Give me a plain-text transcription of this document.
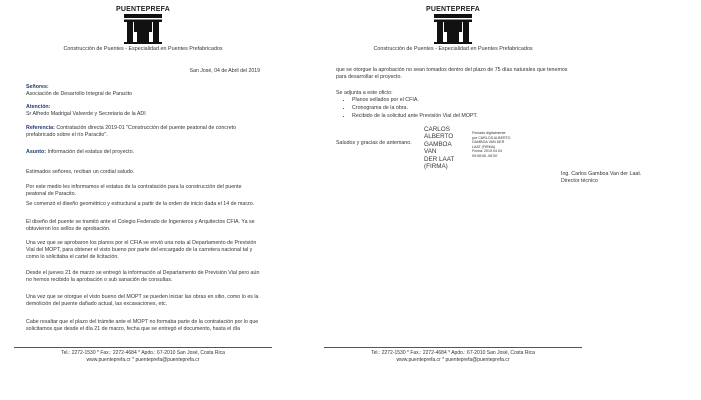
PUENTEPREFA
Construcción de Puentes - Especialidad en Puentes Prefabricados
San José, 04 de Abril del 2019

Señores:

Asociación de Desarrollo Integral de Paracito

Atención:

Sr Alfredo Madrigal Valverde y Secretaria de la ADI

Referencia: Contratación directa 2019-01 "Construcción del puente peatonal de concreto prefabricado sobre el río Paracito".

Asunto: Información del estatus del proyecto.

Estimados señores, reciban un cordial saludo.
Por este medio les informamos el estatus de la contratación para la construcción del puente peatonal de Paracito.
Se comenzó el diseño geométrico y estructural a partir de la orden de inicio dada el 14 de marzo.
El diseño del puente se tramitó ante el Colegio Federado de Ingenieros y Arquitectos CFIA. Ya se obtuvieron los sellos de aprobación.
Una vez que se aprobaron los planos por el CFIA se envió una nota al Departamento de Previsión Vial del MOPT, para obtener el visto bueno por parte del encargado de la carretera nacional tal y como lo solicitaba el cartel de licitación.
Desde el jueves 21 de marzo se entregó la información al Departamento de Previsión Vial pero aún no hemos recibido la aprobación o sub sanación de consultas.
Una vez que se otorgue el visto bueno del MOPT se pueden iniciar las obras en sitio, como lo es la demolición del puente dañado actual, las excavaciones, etc.
Cabe resaltar que el plazo del trámite ante el MOPT no formaba parte de la contratación por lo que solicitamos que desde el día 21 de marzo, fecha que se entregó el documento, hasta el día
Tel.: 2272-1530 * Fax.: 2272-4684 * Apdo.: 67-2010 San José, Costa Rica
www.puenteprefa.cr * puenteprefa@puenteprefa.cr
PUENTEPREFA
Construcción de Puentes - Especialidad en Puentes Prefabricados
que se otorgue la aprobación no sean tomados dentro del plazo de 75 días naturales que tenemos para desarrollar el proyecto.

Se adjunta a este oficio:

• Planos sellados por el CFIA.
• Cronograma de la obra.
• Recibido de la solicitud ante Previsión Vial del MOPT.
Saludos y gracias de antemano.

Ing. Carlos Gamboa Van der Laat.

Director técnico

Tel.: 2272-1530 * Fax.: 2272-4684 * Apdo.: 67-2010 San José, Costa Rica
www.puenteprefa.cr * puenteprefa@puenteprefa.cr
CARLOS
ALBERTO
GAMBOA VAN
DER LAAT
(FIRMA)
Firmado digitalmente
por CARLOS ALBERTO
GAMBOA VAN DER
LAAT (FIRMA)
Fecha: 2019.04.04
09:08:06 -06'00'
